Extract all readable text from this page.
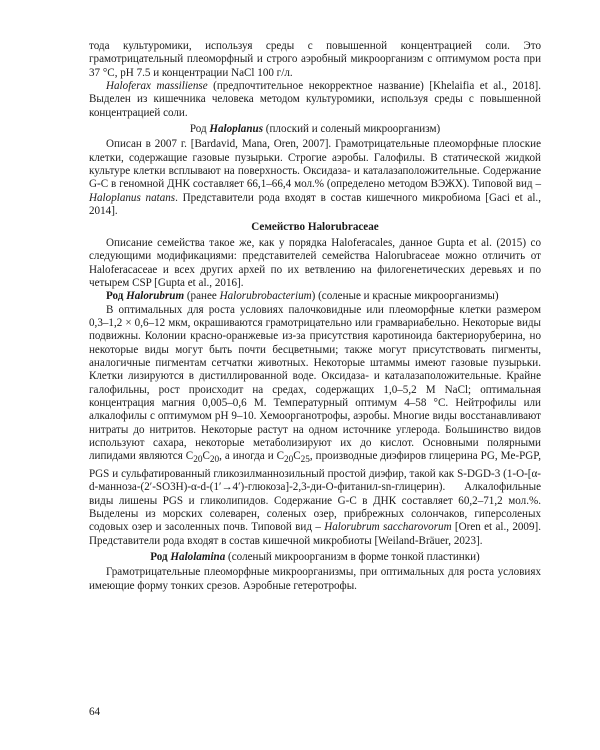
тода культуромики, используя среды с повышенной концентрацией соли. Это грамотрицательный плеоморфный и строго аэробный микроорганизм с оптимумом роста при 37 °C, pH 7.5 и концентрации NaCl 100 г/л.

Haloferax massiliense (предпочтительное некорректное название) [Khelaifia et al., 2018]. Выделен из кишечника человека методом культуромики, используя среды с повышенной концентрацией соли.

Род Haloplanus (плоский и соленый микроорганизм)

Описан в 2007 г. [Bardavid, Mana, Oren, 2007]. Грамотрицательные плеоморфные плоские клетки, содержащие газовые пузырьки. Строгие аэробы. Галофилы. В статической жидкой культуре клетки всплывают на поверхность. Оксидаза- и каталазаположительные. Содержание G-C в геномной ДНК составляет 66,1–66,4 мол.% (определено методом ВЭЖХ). Типовой вид – Haloplanus natans. Представители рода входят в состав кишечного микробиома [Gaci et al., 2014].

Семейство Halorubraceae

Описание семейства такое же, как у порядка Haloferacales, данное Gupta et al. (2015) со следующими модификациями: представителей семейства Halorubraceae можно отличить от Haloferacaceae и всех других архей по их ветвлению на филогенетических деревьях и по четырем CSP [Gupta et al., 2016].

Род Halorubrum (ранее Halorubrobacterium) (соленые и красные микроорганизмы)

В оптимальных для роста условиях палочковидные или плеоморфные клетки размером 0,3–1,2 × 0,6–12 мкм, окрашиваются грамотрицательно или грамвариабельно. Некоторые виды подвижны. Колонии красно-оранжевые из-за присутствия каротиноида бактериоруберина, но некоторые виды могут быть почти бесцветными; также могут присутствовать пигменты, аналогичные пигментам сетчатки животных. Некоторые штаммы имеют газовые пузырьки. Клетки лизируются в дистиллированной воде. Оксидаза- и каталазаположительные. Крайне галофильны, рост происходит на средах, содержащих 1,0–5,2 M NaCl; оптимальная концентрация магния 0,005–0,6 M. Температурный оптимум 4–58 °C. Нейтрофилы или алкалофилы с оптимумом pH 9–10. Хемоорганотрофы, аэробы. Многие виды восстанавливают нитраты до нитритов. Некоторые растут на одном источнике углерода. Большинство видов используют сахара, некоторые метаболизируют их до кислот. Основными полярными липидами являются $C_{20}C_{20}$, а иногда и $C_{20}C_{25}$, производные диэфиров глицерина PG, Me-PGP, PGS и сульфатированный гликозилманнозильный простой диэфир, такой как S-DGD-3 (1-O-[α-d-маннозa-(2′-SO3H)-α-d-(1′→4′)-глюкоза]-2,3-ди-O-фитанил-sn-глицерин). Алкалофильные виды лишены PGS и гликолипидов. Содержание G-C в ДНК составляет 60,2–71,2 мол.%. Выделены из морских солеварен, соленых озер, прибрежных солончаков, гиперсоленых содовых озер и засоленных почв. Типовой вид – Halorubrum saccharovorum [Oren et al., 2009]. Представители рода входят в состав кишечной микробиоты [Weiland-Bräuer, 2023].

Род Halolamina (соленый микроорганизм в форме тонкой пластинки)

Грамотрицательные плеоморфные микроорганизмы, при оптимальных для роста условиях имеющие форму тонких срезов. Аэробные гетеротрофы.

64
